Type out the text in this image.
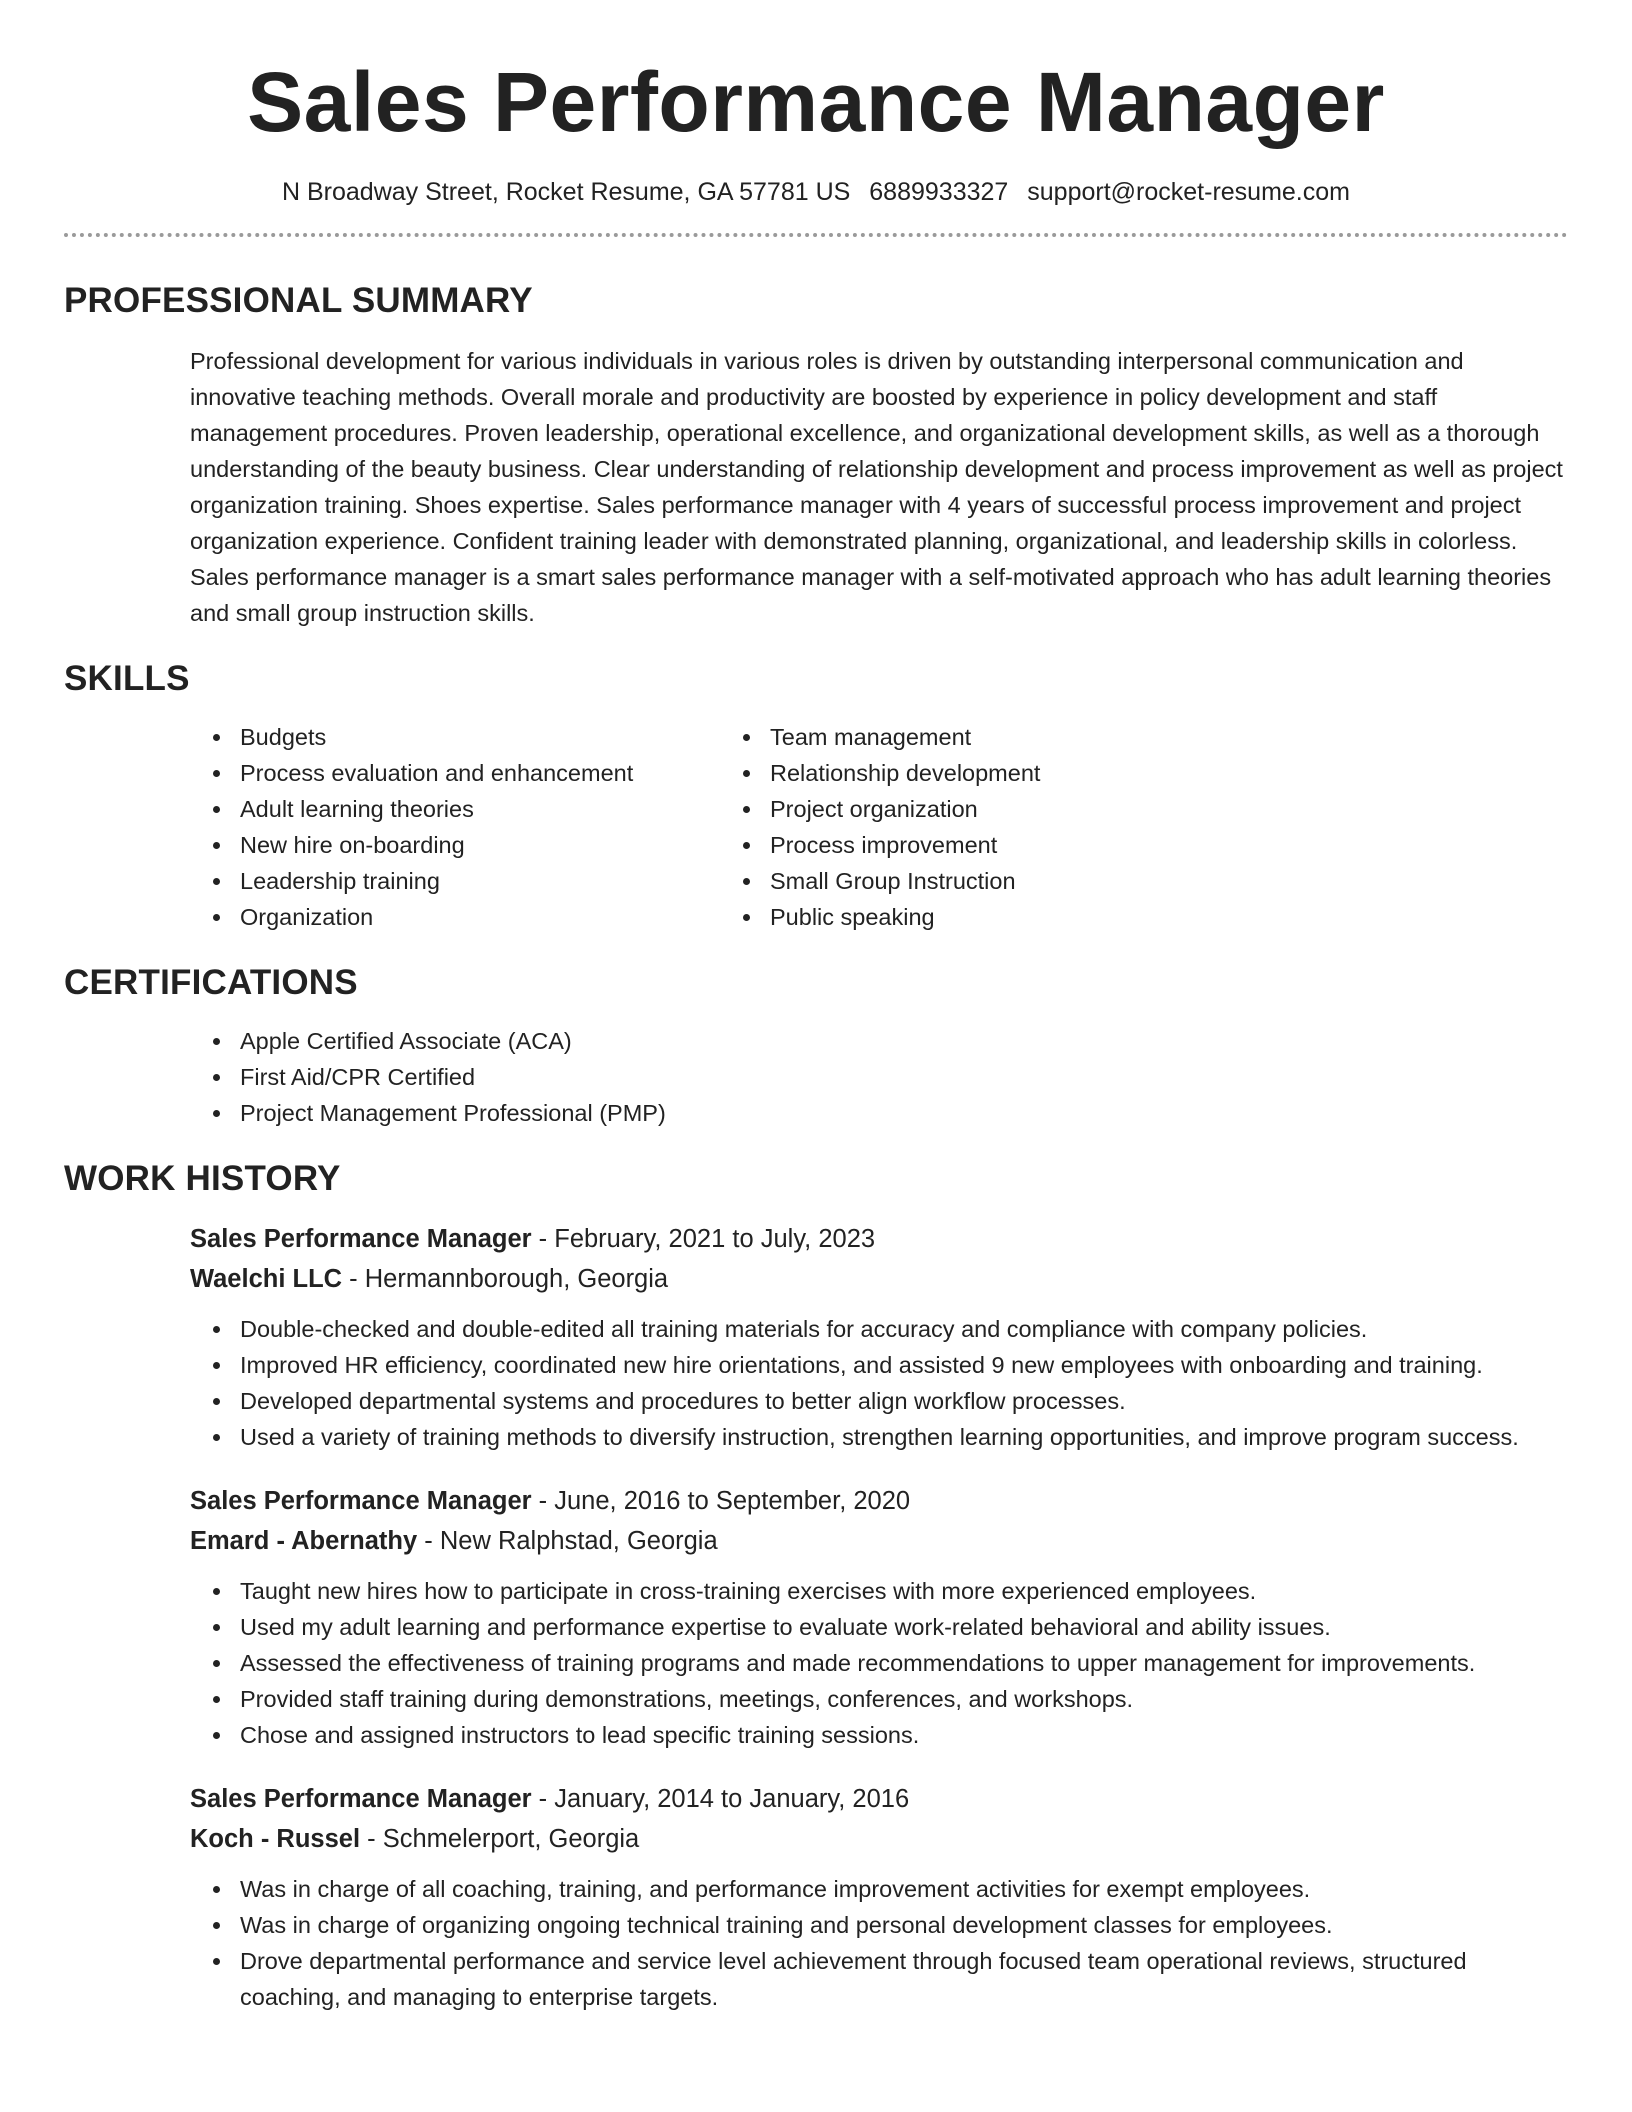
Sales Performance Manager
N Broadway Street, Rocket Resume, GA 57781 US 6889933327 support@rocket-resume.com
PROFESSIONAL SUMMARY
Professional development for various individuals in various roles is driven by outstanding interpersonal communication and innovative teaching methods. Overall morale and productivity are boosted by experience in policy development and staff management procedures. Proven leadership, operational excellence, and organizational development skills, as well as a thorough understanding of the beauty business. Clear understanding of relationship development and process improvement as well as project organization training. Shoes expertise. Sales performance manager with 4 years of successful process improvement and project organization experience. Confident training leader with demonstrated planning, organizational, and leadership skills in colorless. Sales performance manager is a smart sales performance manager with a self-motivated approach who has adult learning theories and small group instruction skills.
SKILLS
• Budgets
• Process evaluation and enhancement
• Adult learning theories
• New hire on-boarding
• Leadership training
• Organization
• Team management
• Relationship development
• Project organization
• Process improvement
• Small Group Instruction
• Public speaking
CERTIFICATIONS
• Apple Certified Associate (ACA)
• First Aid/CPR Certified
• Project Management Professional (PMP)
WORK HISTORY
Sales Performance Manager - February, 2021 to July, 2023
Waelchi LLC - Hermannborough, Georgia
• Double-checked and double-edited all training materials for accuracy and compliance with company policies.
• Improved HR efficiency, coordinated new hire orientations, and assisted 9 new employees with onboarding and training.
• Developed departmental systems and procedures to better align workflow processes.
• Used a variety of training methods to diversify instruction, strengthen learning opportunities, and improve program success.
Sales Performance Manager - June, 2016 to September, 2020
Emard - Abernathy - New Ralphstad, Georgia
• Taught new hires how to participate in cross-training exercises with more experienced employees.
• Used my adult learning and performance expertise to evaluate work-related behavioral and ability issues.
• Assessed the effectiveness of training programs and made recommendations to upper management for improvements.
• Provided staff training during demonstrations, meetings, conferences, and workshops.
• Chose and assigned instructors to lead specific training sessions.
Sales Performance Manager - January, 2014 to January, 2016
Koch - Russel - Schmelerport, Georgia
• Was in charge of all coaching, training, and performance improvement activities for exempt employees.
• Was in charge of organizing ongoing technical training and personal development classes for employees.
• Drove departmental performance and service level achievement through focused team operational reviews, structured coaching, and managing to enterprise targets.
